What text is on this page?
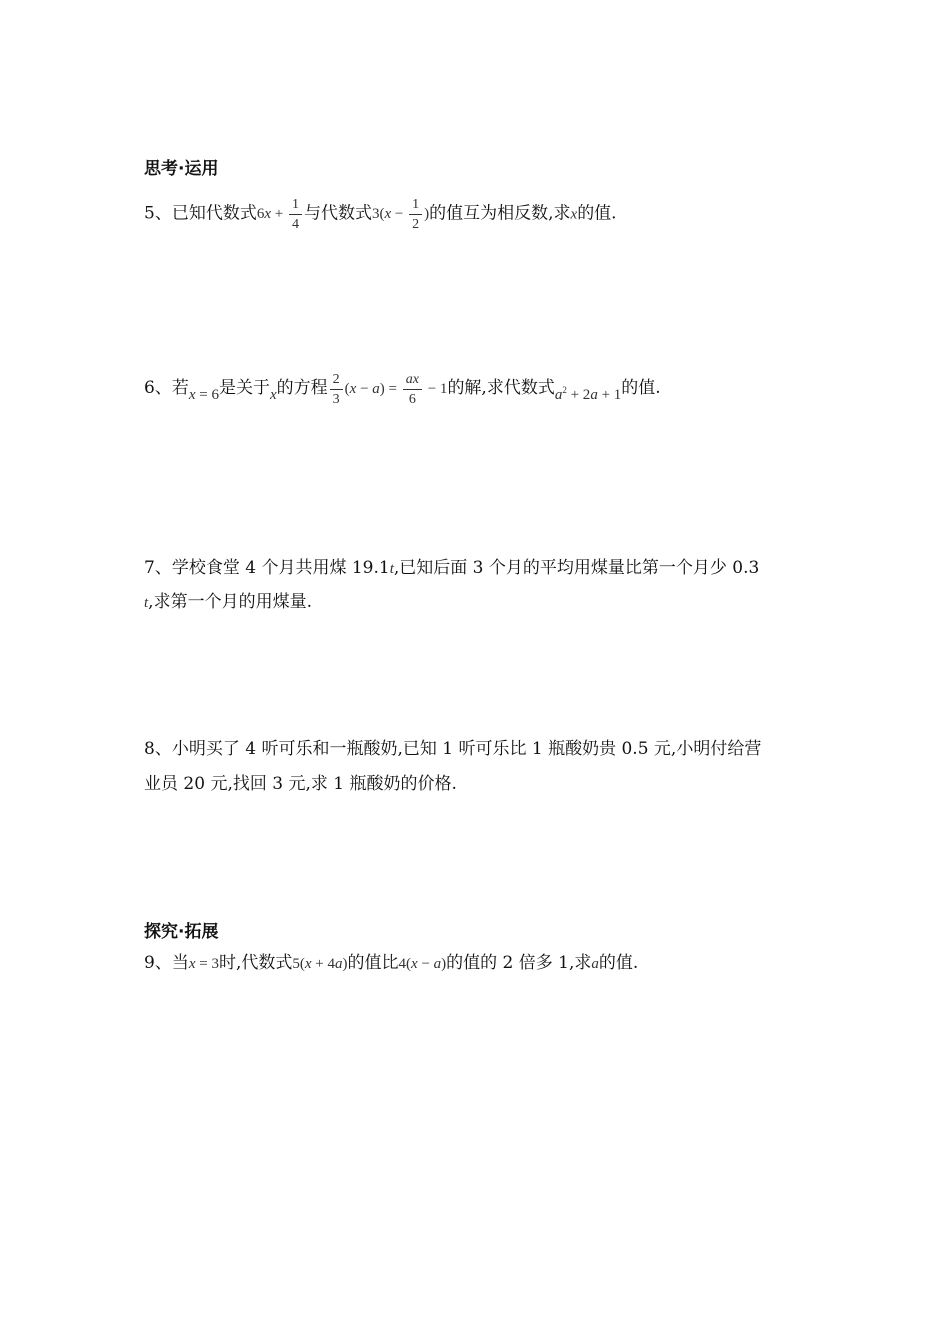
思考·运用
5、已知代数式$6x + \frac{1}{4}$ 与代数式$3(x - \frac{1}{2}$ )的值互为相反数,求x的值.
6、若x = 6是关于x的方程 $\frac{2}{3} (x - a) = \frac{ax}{6} - 1$的解,求代数式$a^2 + 2a + 1$的值.
7、学校食堂 4 个月共用煤 19.1t,已知后面 3 个月的平均用煤量比第一个月少 0.3
t,求第一个月的用煤量.
8、小明买了 4 听可乐和一瓶酸奶,已知 1 听可乐比 1 瓶酸奶贵 0.5 元,小明付给营
业员 20 元,找回 3 元,求 1 瓶酸奶的价格.
探究·拓展
9、当x = 3时,代数式5(x + 4a)的值比4(x − a)的值的 2 倍多 1,求a的值.
